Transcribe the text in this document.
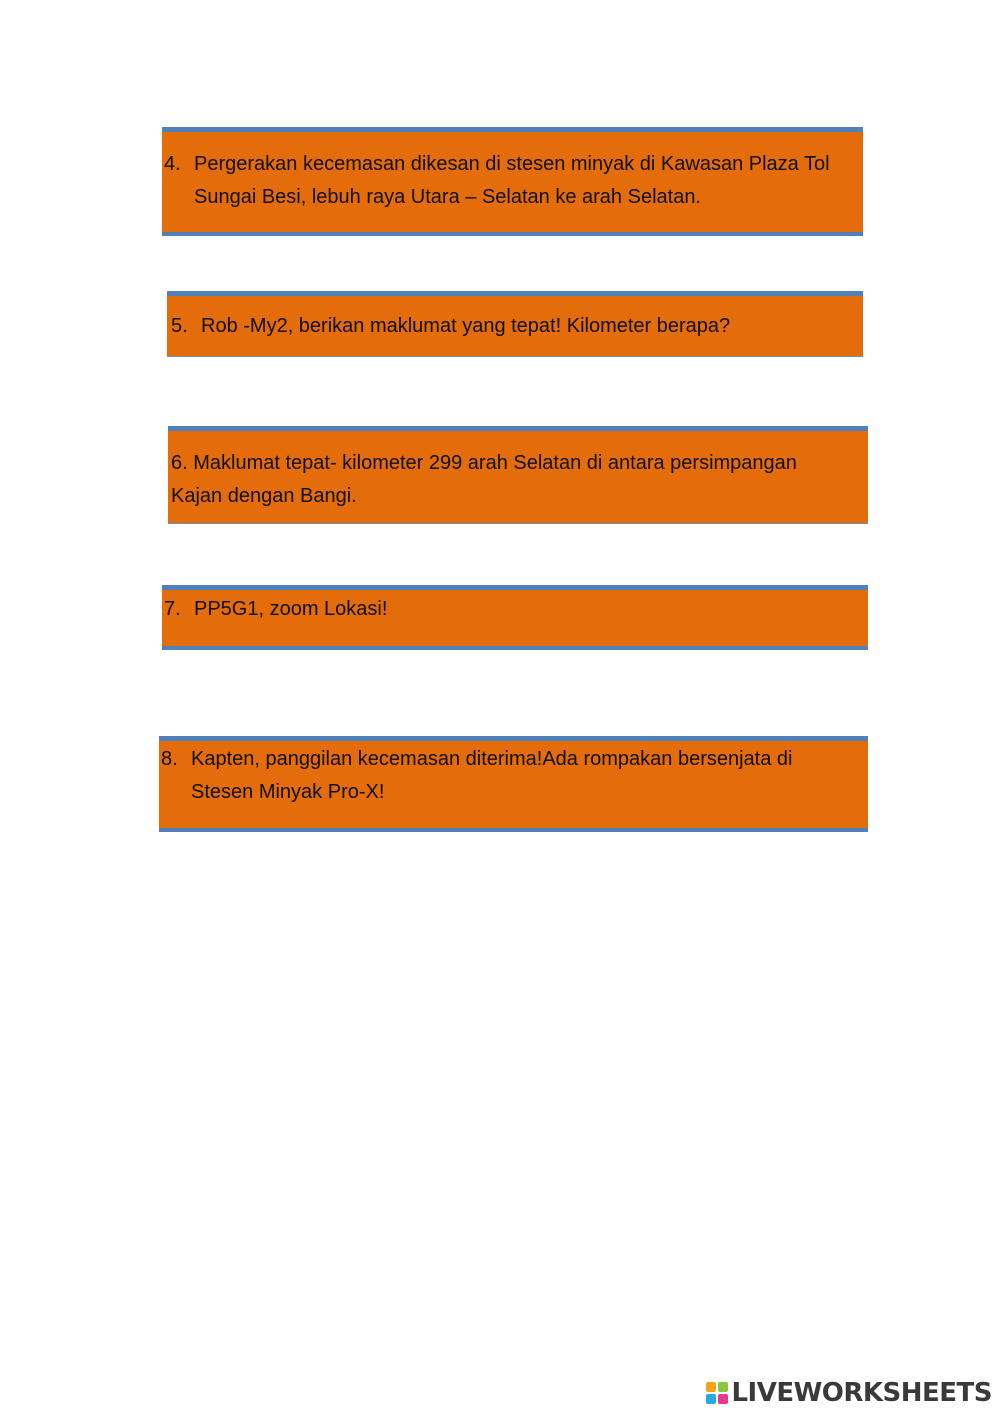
4. Pergerakan kecemasan dikesan di stesen minyak di Kawasan Plaza Tol
Sungai Besi, lebuh raya Utara – Selatan ke arah Selatan.
5. Rob -My2, berikan maklumat yang tepat! Kilometer berapa?
6. Maklumat tepat- kilometer 299 arah Selatan di antara persimpangan
Kajan dengan Bangi.
7. PP5G1, zoom Lokasi!
8. Kapten, panggilan kecemasan diterima!Ada rompakan bersenjata di
Stesen Minyak Pro-X!
LIVEWORKSHEETS
